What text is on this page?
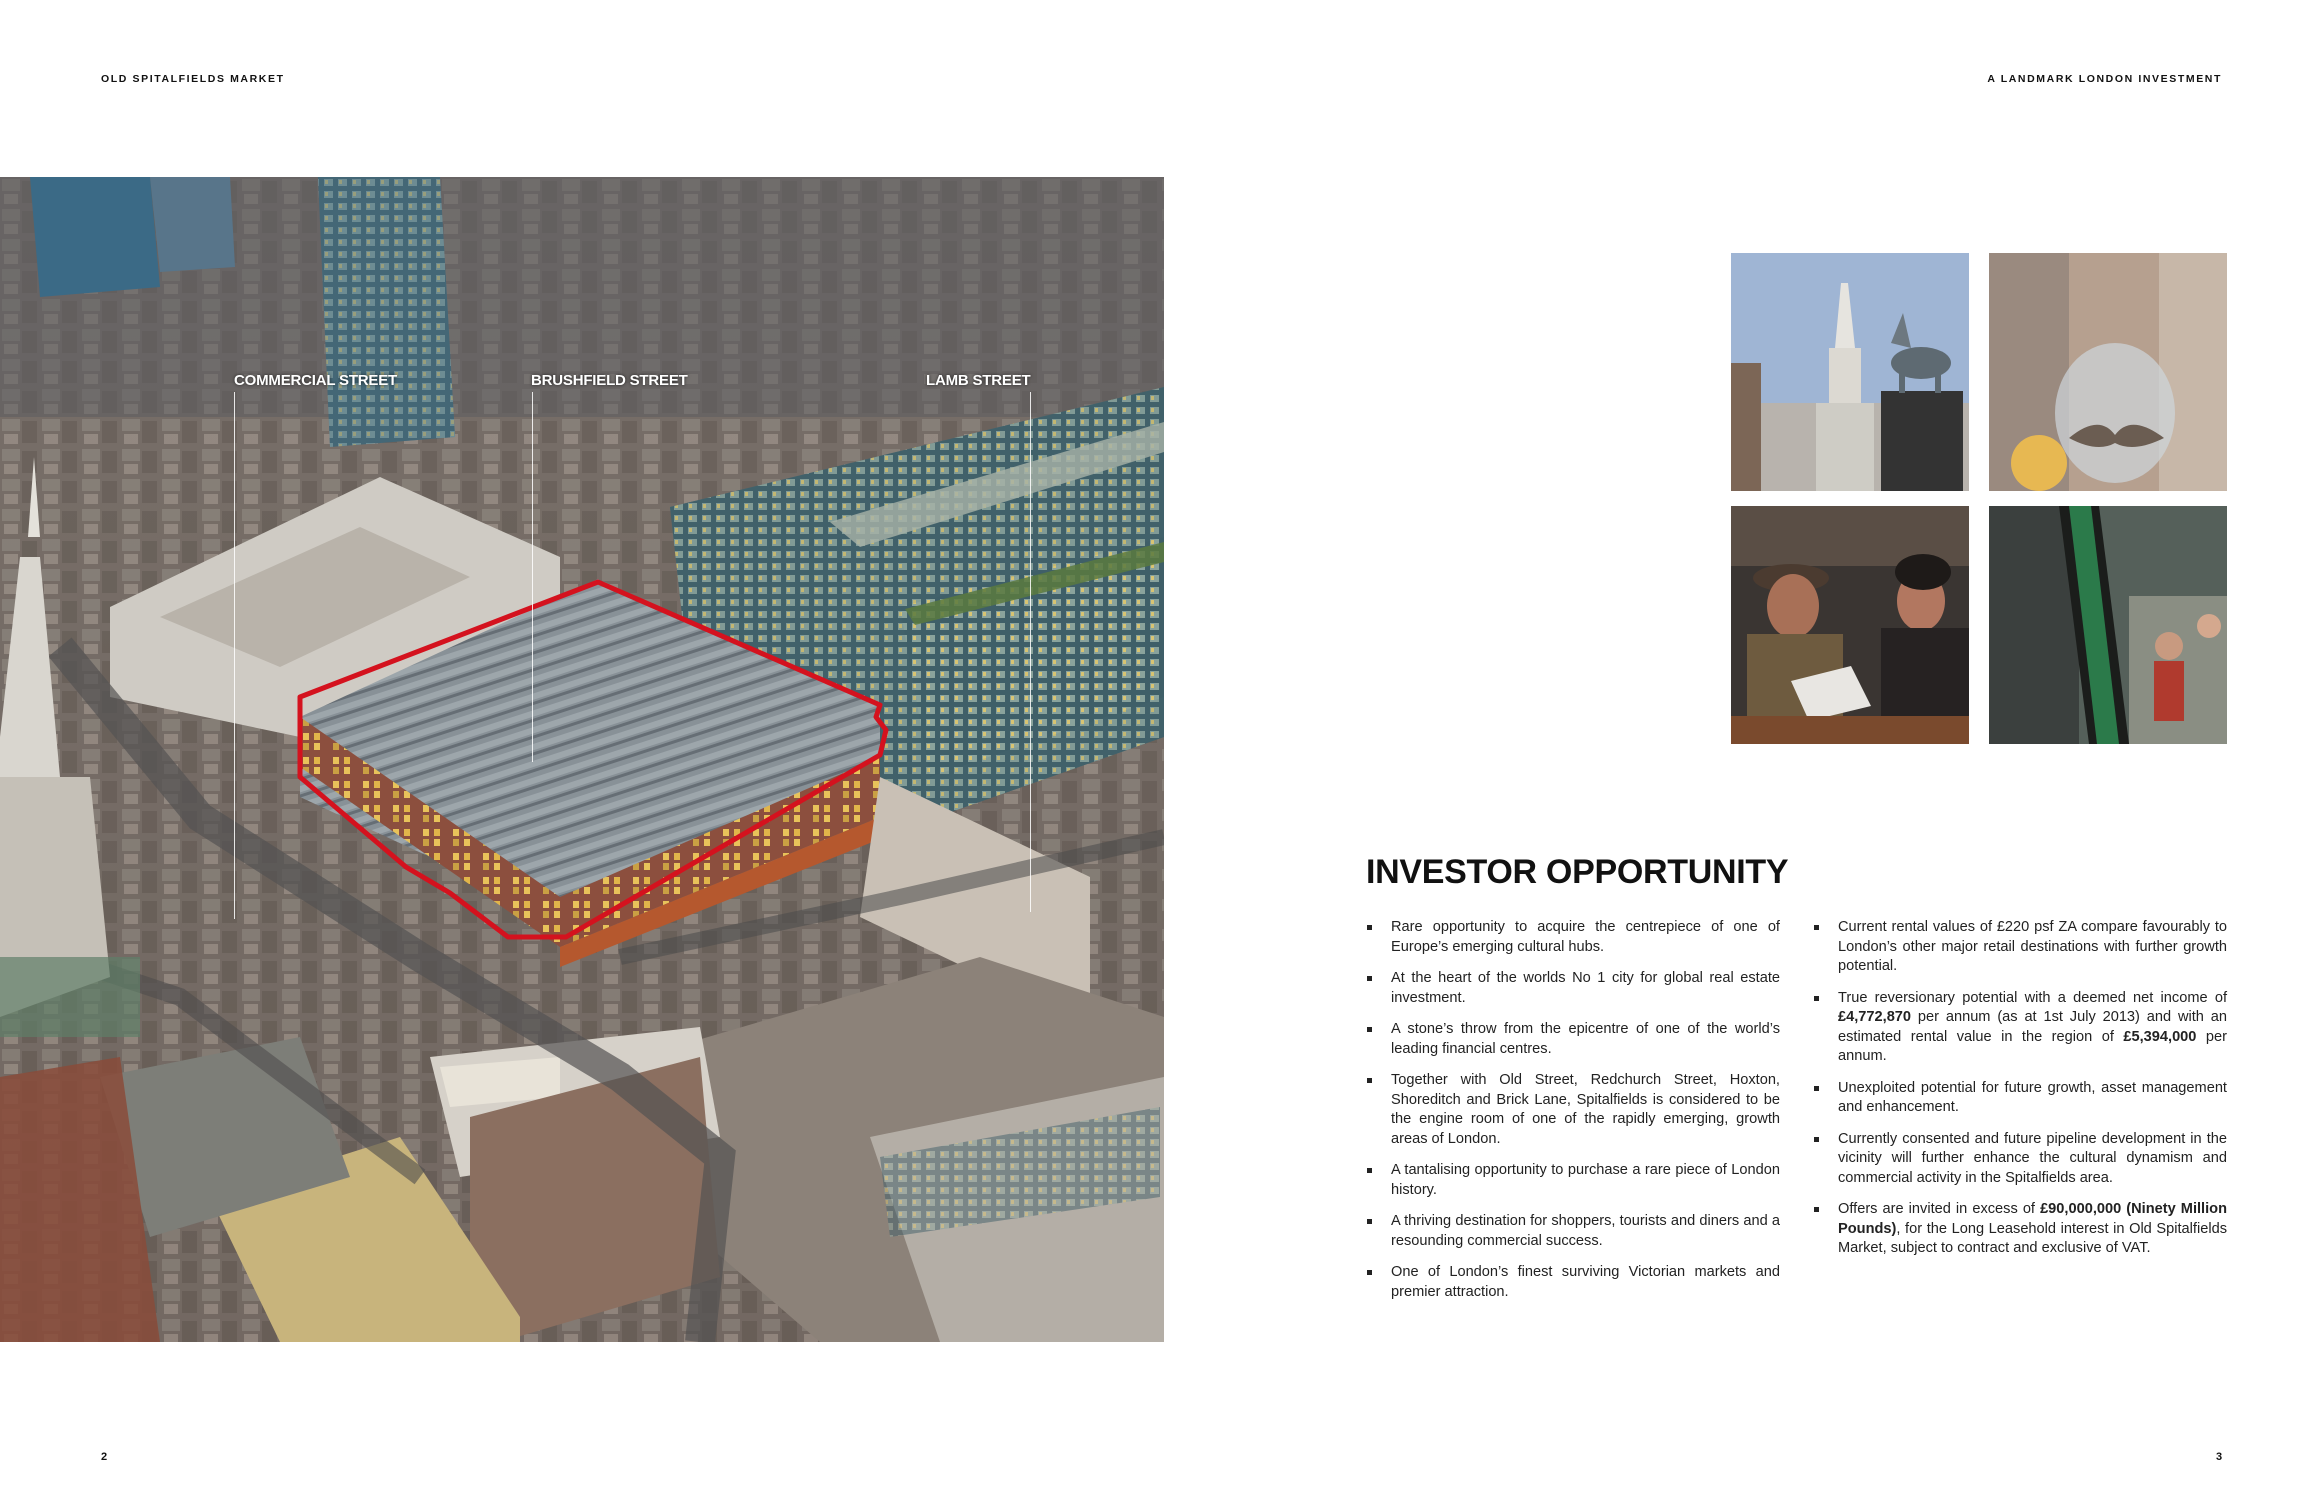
OLD SPITALFIELDS MARKET	A LANDMARK LONDON INVESTMENT
COMMERCIAL STREET	BRUSHFIELD STREET	LAMB STREET
INVESTOR OPPORTUNITY
Rare opportunity to acquire the centrepiece of one of Europe’s emerging cultural hubs.
At the heart of the worlds No 1 city for global real estate investment.
A stone’s throw from the epicentre of one of the world’s leading financial centres.
Together with Old Street, Redchurch Street, Hoxton, Shoreditch and Brick Lane, Spitalfields is considered to be the engine room of one of the rapidly emerging, growth areas of London.
A tantalising opportunity to purchase a rare piece of London history.
A thriving destination for shoppers, tourists and diners and a resounding commercial success.
One of London’s finest surviving Victorian markets and premier attraction.
Current rental values of £220 psf ZA compare favourably to London’s other major retail destinations with further growth potential.
True reversionary potential with a deemed net income of £4,772,870 per annum (as at 1st July 2013) and with an estimated rental value in the region of £5,394,000 per annum.
Unexploited potential for future growth, asset management and enhancement.
Currently consented and future pipeline development in the vicinity will further enhance the cultural dynamism and commercial activity in the Spitalfields area.
Offers are invited in excess of £90,000,000 (Ninety Million Pounds), for the Long Leasehold interest in Old Spitalfields Market, subject to contract and exclusive of VAT.
2	3
